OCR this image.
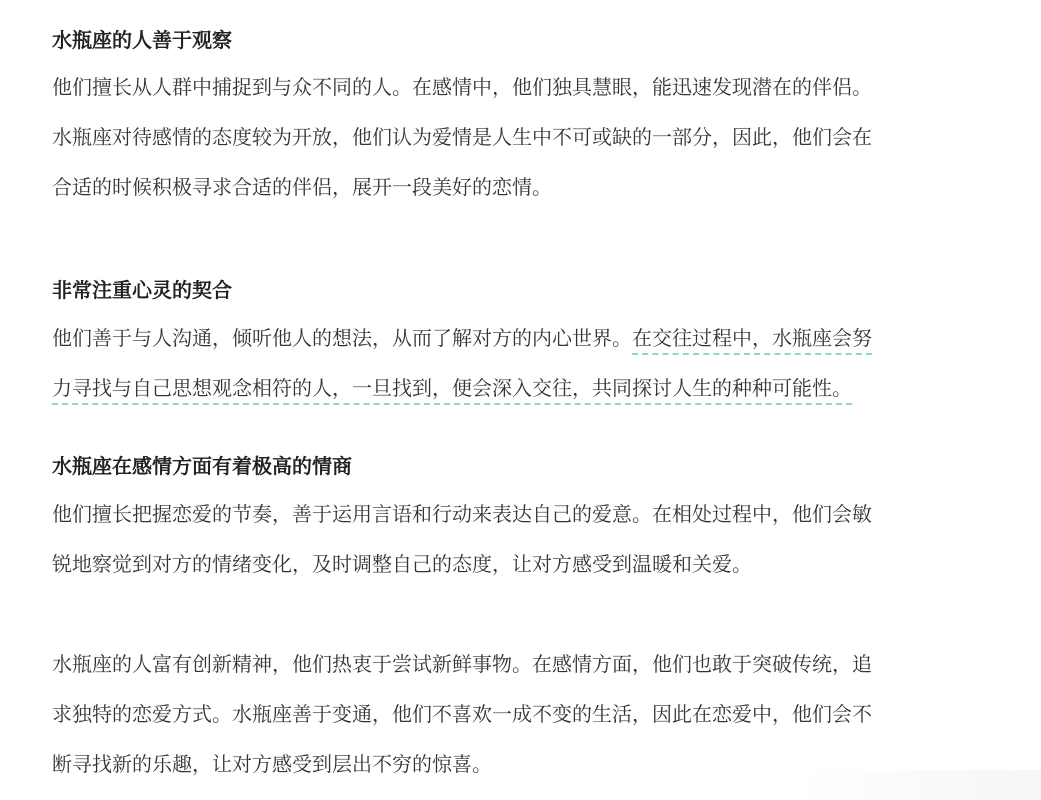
水瓶座的人善于观察
他们擅长从人群中捕捉到与众不同的人。在感情中，他们独具慧眼，能迅速发现潜在的伴侣。
水瓶座对待感情的态度较为开放，他们认为爱情是人生中不可或缺的一部分，因此，他们会在
合适的时候积极寻求合适的伴侣，展开一段美好的恋情。
非常注重心灵的契合
他们善于与人沟通，倾听他人的想法，从而了解对方的内心世界。在交往过程中，水瓶座会努
力寻找与自己思想观念相符的人，一旦找到，便会深入交往，共同探讨人生的种种可能性。
水瓶座在感情方面有着极高的情商
他们擅长把握恋爱的节奏，善于运用言语和行动来表达自己的爱意。在相处过程中，他们会敏
锐地察觉到对方的情绪变化，及时调整自己的态度，让对方感受到温暖和关爱。
水瓶座的人富有创新精神，他们热衷于尝试新鲜事物。在感情方面，他们也敢于突破传统，追
求独特的恋爱方式。水瓶座善于变通，他们不喜欢一成不变的生活，因此在恋爱中，他们会不
断寻找新的乐趣，让对方感受到层出不穷的惊喜。
